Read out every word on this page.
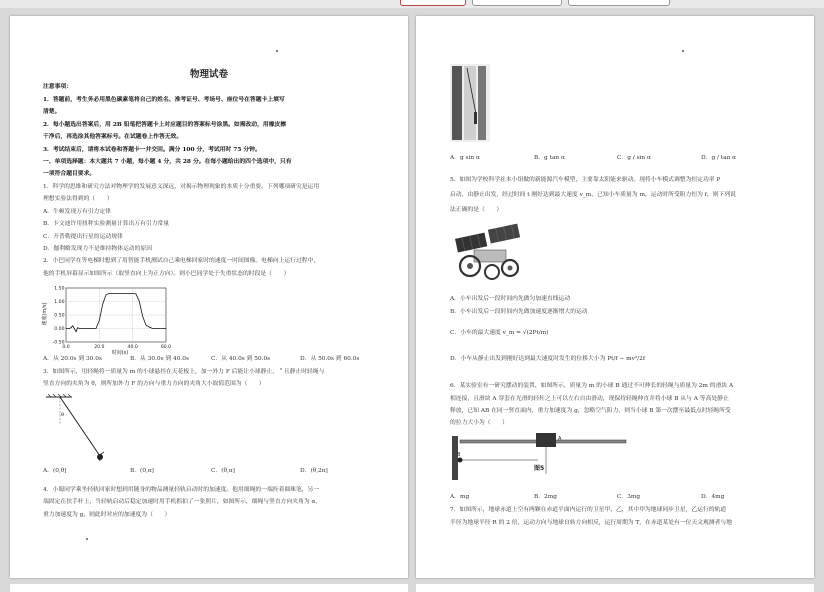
物理试卷
注意事项：
1．答题前，考生务必用黑色碳素笔将自己的姓名、准考证号、考场号、座位号在答题卡上填写
清楚。
2．每小题选出答案后，用 2B 铅笔把答题卡上对应题目的答案标号涂黑。如需改动，用橡皮擦
干净后，再选涂其他答案标号。在试题卷上作答无效。
3．考试结束后，请将本试卷和答题卡一并交回。满分 100 分，考试用时 75 分钟。
一、单项选择题：本大题共 7 小题，每小题 4 分，共 28 分。在每小题给出的四个选项中，只有
一项符合题目要求。
1．科学的思维和研究方法对物理学的发展意义深远，对揭示物理现象的本质十分重要。下列哪项研究是运用
理想实验法得到的（　　）
A．牛顿发现万有引力定律
B．卡文迪许用扭秤实验测量计算出万有引力常量
C．开普勒提出行星的运动规律
D．伽利略发现力不是维持物体运动的原因
2．小巴同学在等电梯时想到了用智能手机测试自己乘电梯回家时的速度一时间图像。电梯向上运行过程中，
他的手机屏幕显示如图所示（取竖直向上为正方向）。则小巴同学处于失重状态的时段是（　　）
1.50
1.00
0.50
0.00
-0.50
0.0	20.0	40.0	60.0
速度(m/s)
时间(s)
A．从 20.0s 到 30.0s	B．从 30.0s 到 40.0s	C．从 40.0s 到 50.0s	D．从 50.0s 到 60.0s
3．如图所示，用轻绳将一质量为 m 的小球悬挂在天花板上，加一外力 F 后能让小球静止，＂且静止时轻绳与
竖直方向的夹角为 θ，则所加外力 F 的方向与重力方向的夹角大小取值范围为（　　）
θ
A．(0,θ]	B．(0,π]	C．(θ,π]	D．(θ,2π]
4．小蜀同学乘坐轻轨回家时想到用随身的物品测量轻轨启动时的加速度。他用细绳的一端拴着圆珠笔，另一
端固定在扶手杆上，当轻轨启动后稳定加速时用手机抓拍了一张照片，如图所示，细绳与竖直方向夹角为 α，
重力加速度为 g，则此时对应的加速度为（　　）
A．g sin α	B．g tan α	C．g / sin α	D．g / tan α
5．如图为学校科学社本小组做的新能源汽车模型，主要靠太阳能来驱动。现将小车模式调整为恒定功率 P
启动，由静止出发，经过时间 t 刚好达到最大速度 v_m，已知小车质量为 m，运动时所受阻力恒为 f，则下列说
法正确的是（　　）
A．小车出发后一段时间内先做匀加速直线运动
B．小车出发后一段时间内先做加速度逐渐增大的运动
C．小车的最大速度 v_m = √(2Pt/m)
D．小车从静止出发到刚好达到最大速度时发生的位移大小为 Pt/f − mv²/2f
6．某实验室有一研究摆动的装置，如图所示，质量为 m 的小球 B 通过不可伸长的轻绳与质量为 2m 的滑块 A
相连接，且滑块 A 穿套在光滑的轻杆之上可以左右自由滑动，现保持轻绳伸直并将小球 B 从与 A 等高处静止
释放，已知 AB 在同一竖直面内，重力加速度为 g，忽略空气阻力，则当小球 B 第一次摆至最低点时轻绳所受
的拉力大小为（　　）
B
A
图5
A．mg	B．2mg	C．3mg	D．4mg
7．如图所示，地球赤道上空有两颗在赤道平面内运行的卫星甲、乙，其中甲为地球同步卫星，乙运行的轨道
半径为地球半径 R 的 2 倍，运动方向与地球自转方向相反，运行周期为 T，在赤道某处有一位天文观测者与地
